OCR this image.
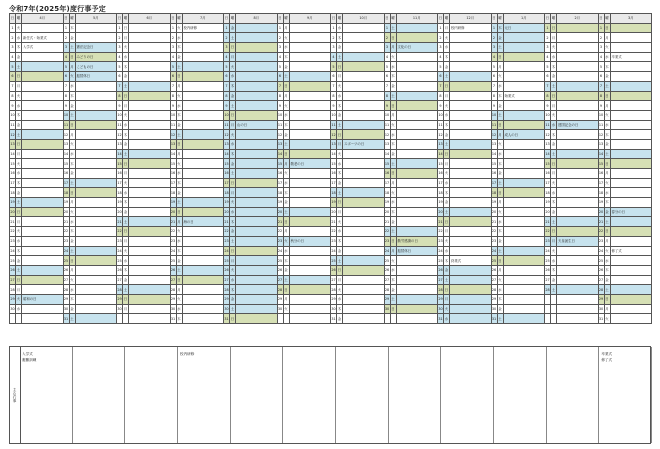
令和7年(2025年)度行事予定
日	曜	4月	日	曜	5月	日	曜	6月	日	曜	7月	日	曜	8月	日	曜	9月	日	曜	10月	日	曜	11月	日	曜	12月	日	曜	1月	日	曜	2月	日	曜	3月
1	火		1	木		1	日		1	火	校内研修	1	金		1	月		1	水		1	土		1	月	校内研修	1	木	元日	1	日		1	日	
2	水	新任式・始業式	2	金		2	月		2	水		2	土		2	火		2	木		2	日		2	火		2	金		2	月		2	月	
3	木	入学式	3	土	憲法記念日	3	火		3	木		3	日		3	水		3	金		3	月	文化の日	3	水		3	土		3	火		3	火	
4	金		4	日	みどりの日	4	水		4	金		4	月		4	木		4	土		4	火		4	木		4	日		4	水		4	水	卒業式
5	土		5	月	こどもの日	5	木		5	土		5	火		5	金		5	日		5	水		5	金		5	月		5	木		5	木	
6	日		6	火	振替休日	6	金		6	日		6	水		6	土		6	月		6	木		6	土		6	火		6	金		6	金	
7	月		7	水		7	土		7	月		7	木		7	日		7	火		7	金		7	日		7	水		7	土		7	土	
8	火		8	木		8	日		8	火		8	金		8	月		8	水		8	土		8	月		8	木	始業式	8	日		8	日	
9	水		9	金		9	月		9	水		9	土		9	火		9	木		9	日		9	火		9	金		9	月		9	月	
10	木		10	土		10	火		10	木		10	日		10	水		10	金		10	月		10	水		10	土		10	火		10	火	
11	金		11	日		11	水		11	金		11	月	山の日	11	木		11	土		11	火		11	木		11	日		11	水	建国記念の日	11	水	
12	土		12	月		12	木		12	土		12	火		12	金		12	日		12	水		12	金		12	月	成人の日	12	木		12	木	
13	日		13	火		13	金		13	日		13	水		13	土		13	月	スポーツの日	13	木		13	土		13	火		13	金		13	金	
14	月		14	水		14	土		14	月		14	木		14	日		14	火		14	金		14	日		14	水		14	土		14	土	
15	火		15	木		15	日		15	火		15	金		15	月	敬老の日	15	水		15	土		15	月		15	木		15	日		15	日	
16	水		16	金		16	月		16	水		16	土		16	火		16	木		16	日		16	火		16	金		16	月		16	月	
17	木		17	土		17	火		17	木		17	日		17	水		17	金		17	月		17	水		17	土		17	火		17	火	
18	金		18	日		18	水		18	金		18	月		18	木		18	土		18	火		18	木		18	日		18	水		18	水	
19	土		19	月		19	木		19	土		19	火		19	金		19	日		19	水		19	金		19	月		19	木		19	木	
20	日		20	火		20	金		20	日		20	水		20	土		20	月		20	木		20	土		20	火		20	金		20	金	春分の日
21	月		21	水		21	土		21	月	海の日	21	木		21	日		21	火		21	金		21	日		21	水		21	土		21	土	
22	火		22	木		22	日		22	火		22	金		22	月		22	水		22	土		22	月		22	木		22	日		22	日	
23	水		23	金		23	月		23	水		23	土		23	火	秋分の日	23	木		23	日	勤労感謝の日	23	火		23	金		23	月	天皇誕生日	23	月	
24	木		24	土		24	火		24	木		24	日		24	水		24	金		24	月	振替休日	24	水		24	土		24	火		24	火	修了式
25	金		25	日		25	水		25	金		25	月		25	木		25	土		25	火		25	木	終業式	25	日		25	水		25	水	
26	土		26	月		26	木		26	土		26	火		26	金		26	日		26	水		26	金		26	月		26	木		26	木	
27	日		27	火		27	金		27	日		27	水		27	土		27	月		27	木		27	土		27	火		27	金		27	金	
28	月		28	水		28	土		28	月		28	木		28	日		28	火		28	金		28	日		28	水		28	土		28	土	
29	火	昭和の日	29	木		29	日		29	火		29	金		29	月		29	水		29	土		29	月		29	木					29	日	
30	水		30	金		30	月		30	水		30	土		30	火		30	木		30	日		30	火		30	金					30	月	
			31	土					31	木		31	日					31	金					31	水		31	土					31	火	
主な行事
入学式
避難訓練
校内研修	卒業式
修了式
